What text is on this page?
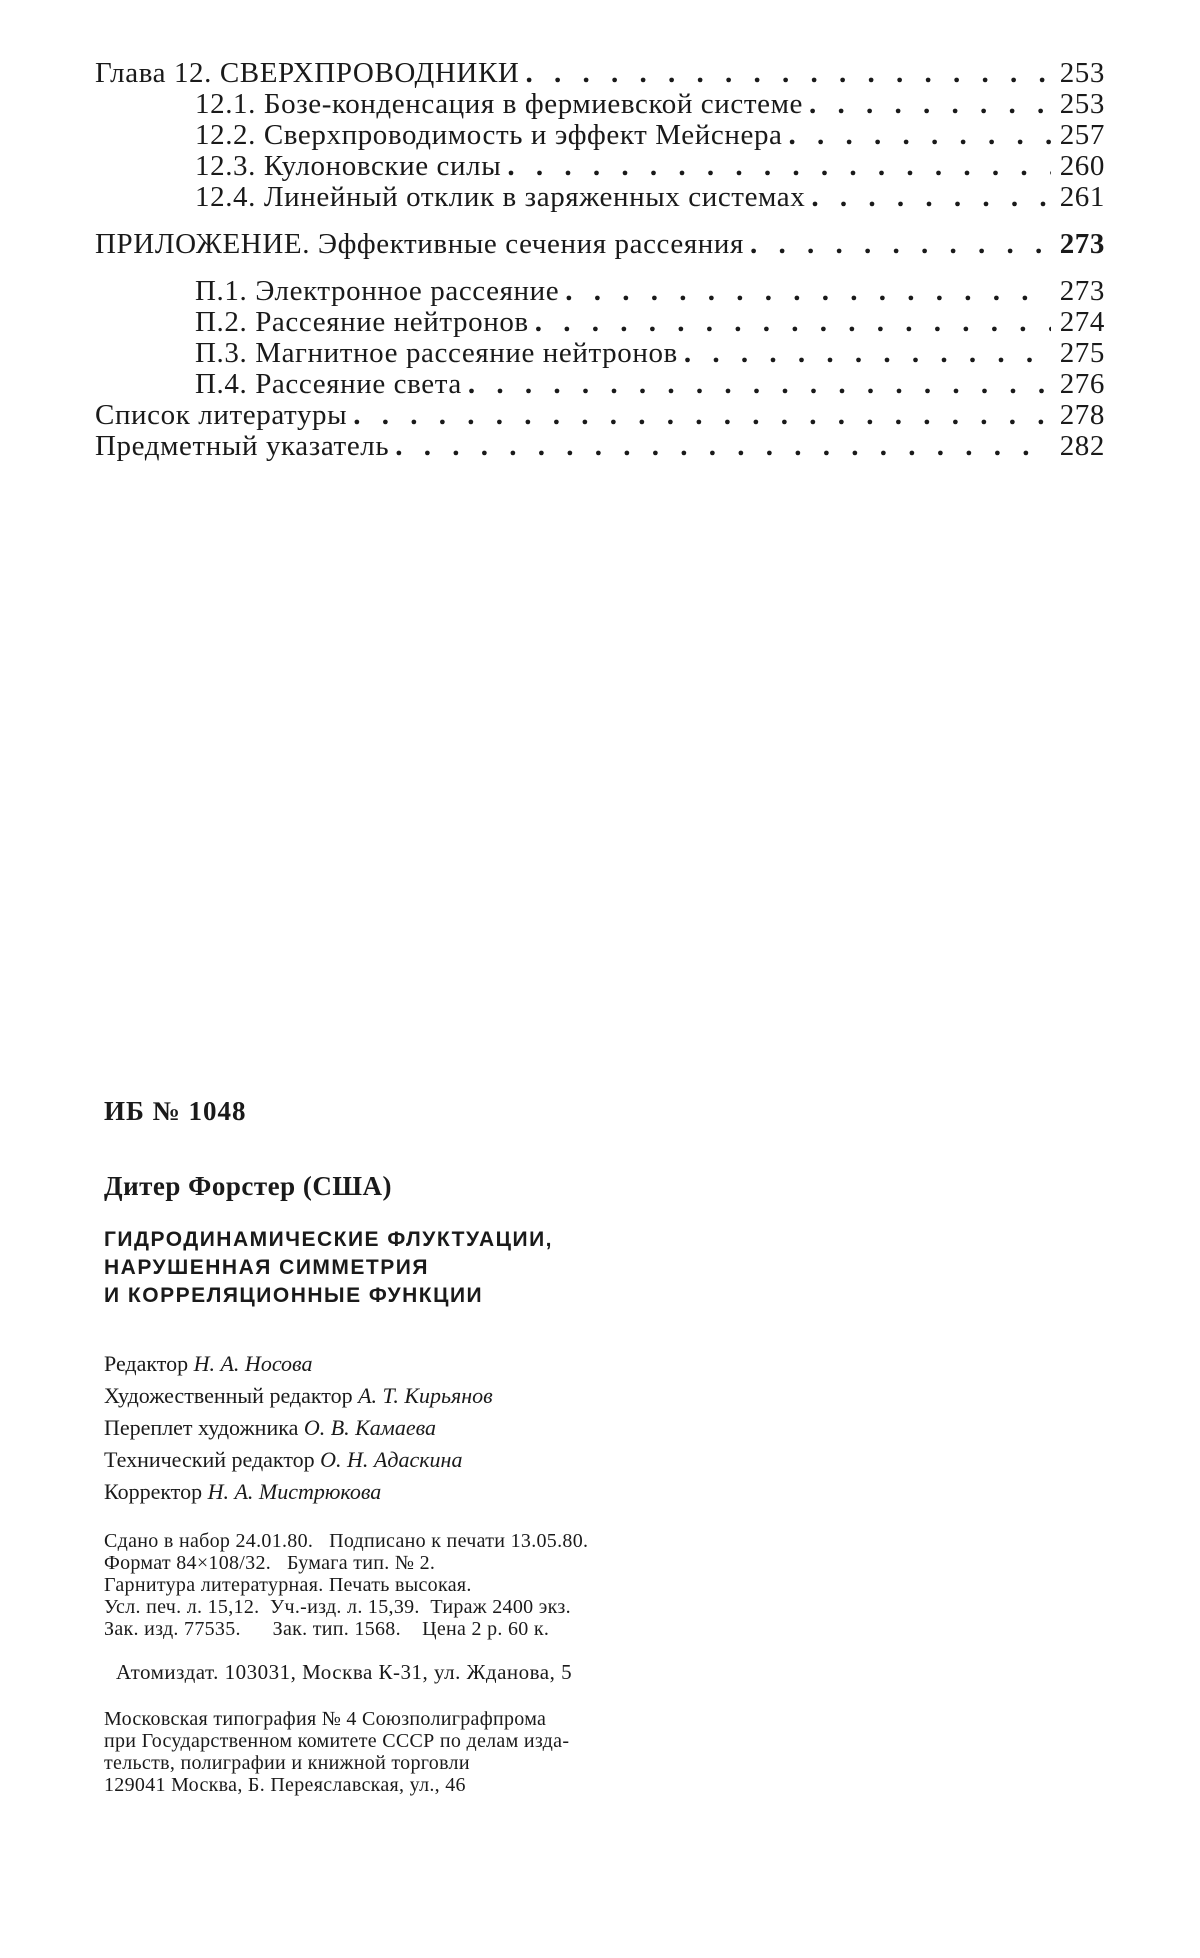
Глава 12. СВЕРХПРОВОДНИКИ . . .	253
12.1. Бозе-конденсация в фермиевской системе . . .	253
12.2. Сверхпроводимость и эффект Мейснера . . .	257
12.3. Кулоновские силы . . .	260
12.4. Линейный отклик в заряженных системах . . .	261
ПРИЛОЖЕНИЕ. Эффективные сечения рассеяния . . .	273
П.1. Электронное рассеяние . . .	273
П.2. Рассеяние нейтронов . . .	274
П.3. Магнитное рассеяние нейтронов . . .	275
П.4. Рассеяние света . . .	276
Список литературы . . .	278
Предметный указатель . . .	282
ИБ № 1048
Дитер Форстер (США)
ГИДРОДИНАМИЧЕСКИЕ ФЛУКТУАЦИИ,
НАРУШЕННАЯ СИММЕТРИЯ
И КОРРЕЛЯЦИОННЫЕ ФУНКЦИИ
Редактор Н. А. Носова
Художественный редактор А. Т. Кирьянов
Переплет художника О. В. Камаева
Технический редактор О. Н. Адаскина
Корректор Н. А. Мистрюкова
Сдано в набор 24.01.80.   Подписано к печати 13.05.80.
Формат 84×108/32.   Бумага тип. № 2.
Гарнитура литературная. Печать высокая.
Усл. печ. л. 15,12.  Уч.-изд. л. 15,39.  Тираж 2400 экз.
Зак. изд. 77535.      Зак. тип. 1568.    Цена 2 р. 60 к.
Атомиздат. 103031, Москва К-31, ул. Жданова, 5
Московская типография № 4 Союзполиграфпрома
при Государственном комитете СССР по делам изда-
тельств, полиграфии и книжной торговли
129041 Москва, Б. Переяславская, ул., 46
